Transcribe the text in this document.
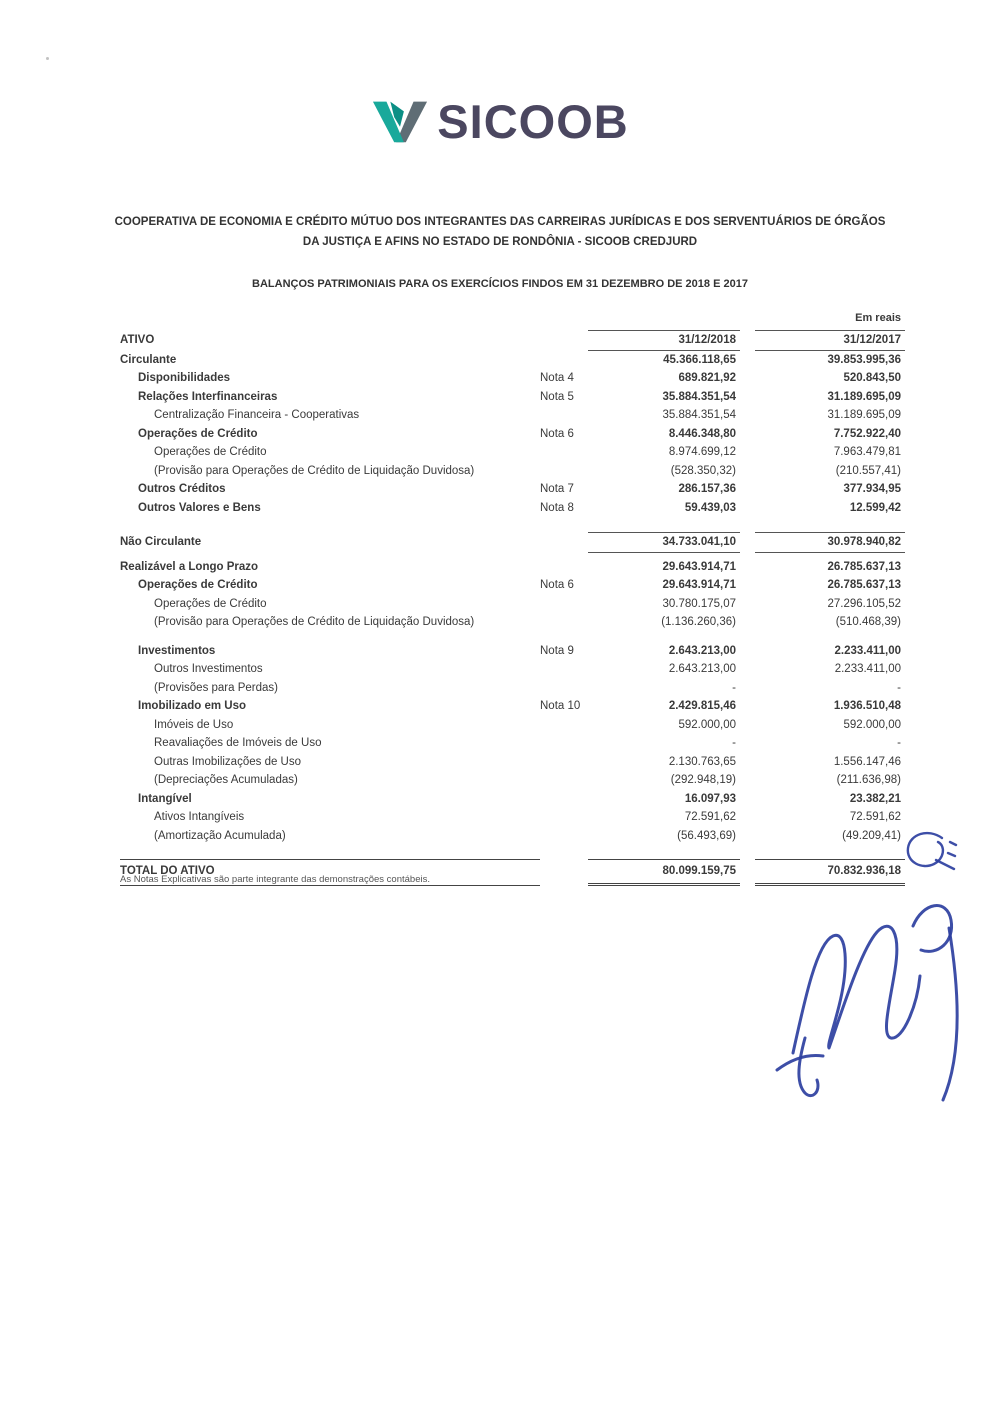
SICOOB
COOPERATIVA DE ECONOMIA E CRÉDITO MÚTUO DOS INTEGRANTES DAS CARREIRAS JURÍDICAS E DOS SERVENTUÁRIOS DE ÓRGÃOS DA JUSTIÇA E AFINS NO ESTADO DE RONDÔNIA - SICOOB CREDJURD
BALANÇOS PATRIMONIAIS PARA OS EXERCÍCIOS FINDOS EM 31 DEZEMBRO DE 2018 E 2017
Em reais
ATIVO	31/12/2018	31/12/2017
Circulante	45.366.118,65	39.853.995,36
Disponibilidades	Nota 4	689.821,92	520.843,50
Relações Interfinanceiras	Nota 5	35.884.351,54	31.189.695,09
Centralização Financeira - Cooperativas	35.884.351,54	31.189.695,09
Operações de Crédito	Nota 6	8.446.348,80	7.752.922,40
Operações de Crédito	8.974.699,12	7.963.479,81
(Provisão para Operações de Crédito de Liquidação Duvidosa)	(528.350,32)	(210.557,41)
Outros Créditos	Nota 7	286.157,36	377.934,95
Outros Valores e Bens	Nota 8	59.439,03	12.599,42
Não Circulante	34.733.041,10	30.978.940,82
Realizável a Longo Prazo	29.643.914,71	26.785.637,13
Operações de Crédito	Nota 6	29.643.914,71	26.785.637,13
Operações de Crédito	30.780.175,07	27.296.105,52
(Provisão para Operações de Crédito de Liquidação Duvidosa)	(1.136.260,36)	(510.468,39)
Investimentos	Nota 9	2.643.213,00	2.233.411,00
Outros Investimentos	2.643.213,00	2.233.411,00
(Provisões para Perdas)	-	-
Imobilizado em Uso	Nota 10	2.429.815,46	1.936.510,48
Imóveis de Uso	592.000,00	592.000,00
Reavaliações de Imóveis de Uso	-	-
Outras Imobilizações de Uso	2.130.763,65	1.556.147,46
(Depreciações Acumuladas)	(292.948,19)	(211.636,98)
Intangível	16.097,93	23.382,21
Ativos Intangíveis	72.591,62	72.591,62
(Amortização Acumulada)	(56.493,69)	(49.209,41)
TOTAL DO ATIVO	80.099.159,75	70.832.936,18
As Notas Explicativas são parte integrante das demonstrações contábeis.
